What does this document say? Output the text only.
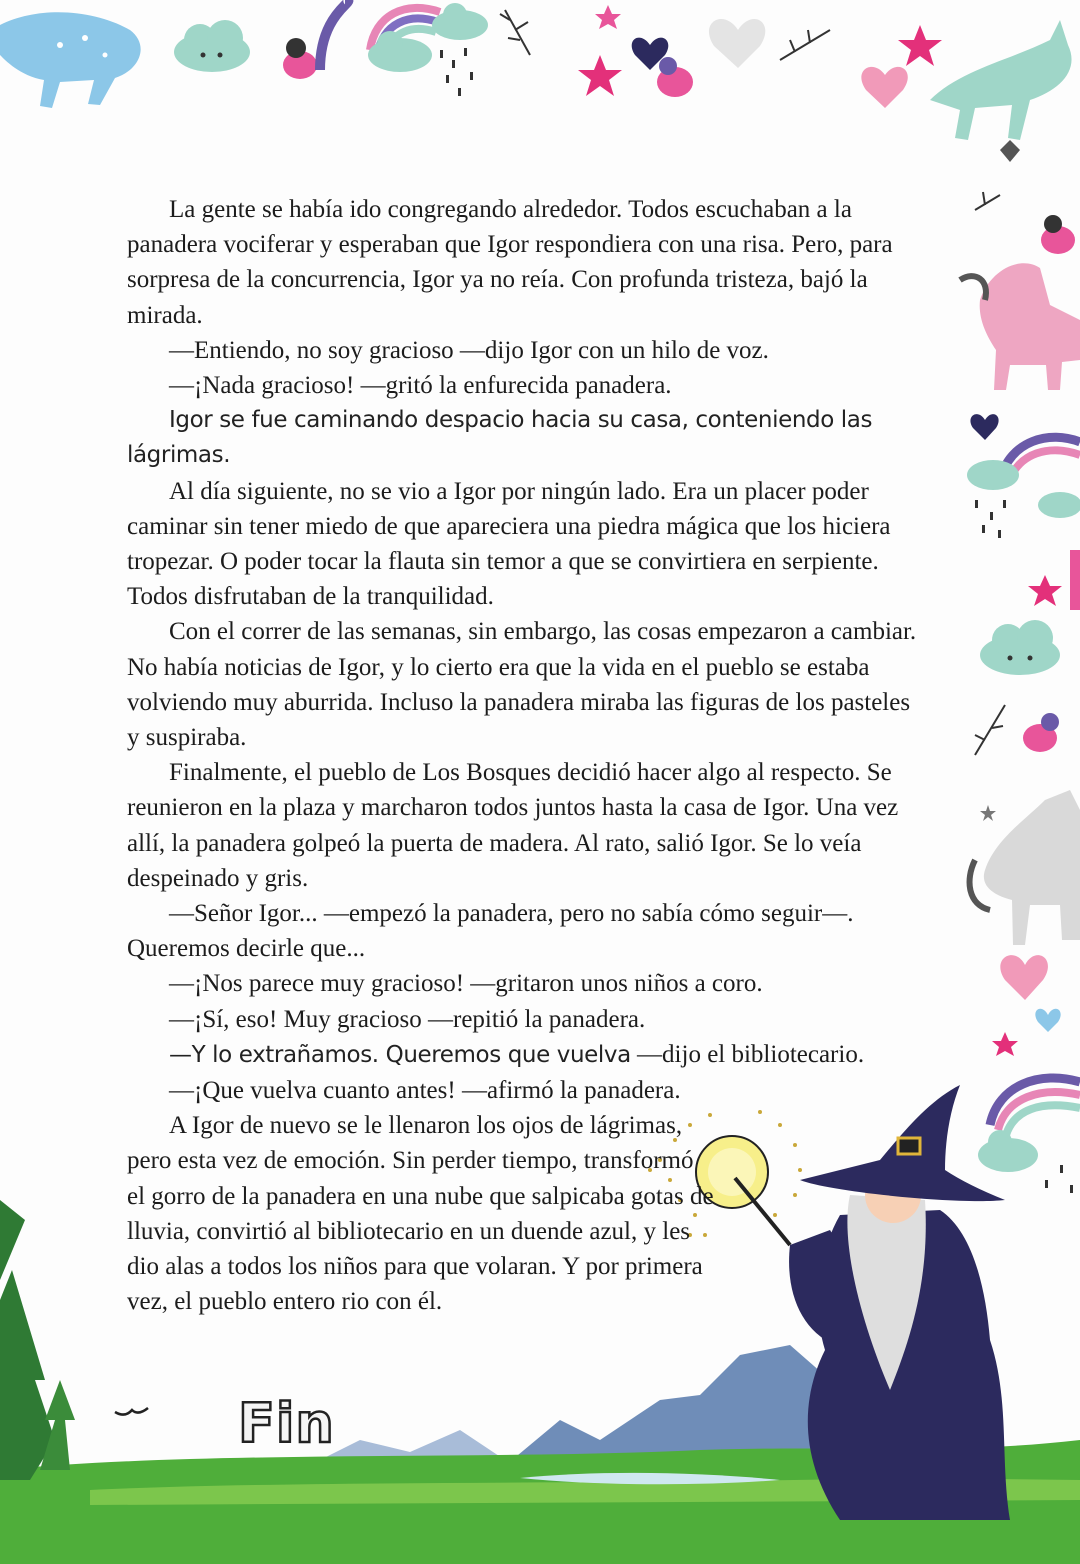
La gente se había ido congregando alrededor. Todos escuchaban a la panadera vociferar y esperaban que Igor respondiera con una risa. Pero, para sorpresa de la concurrencia, Igor ya no reía. Con profunda tristeza, bajó la mirada.

—Entiendo, no soy gracioso —dijo Igor con un hilo de voz.

—¡Nada gracioso! —gritó la enfurecida panadera.

Igor se fue caminando despacio hacia su casa, conteniendo las lágrimas.

Al día siguiente, no se vio a Igor por ningún lado. Era un placer poder caminar sin tener miedo de que apareciera una piedra mágica que los hiciera tropezar. O poder tocar la flauta sin temor a que se convirtiera en serpiente. Todos disfrutaban de la tranquilidad.

Con el correr de las semanas, sin embargo, las cosas empezaron a cambiar. No había noticias de Igor, y lo cierto era que la vida en el pueblo se estaba volviendo muy aburrida. Incluso la panadera miraba las figuras de los pasteles y suspiraba.

Finalmente, el pueblo de Los Bosques decidió hacer algo al respecto. Se reunieron en la plaza y marcharon todos juntos hasta la casa de Igor. Una vez allí, la panadera golpeó la puerta de madera. Al rato, salió Igor. Se lo veía despeinado y gris.

—Señor Igor... —empezó la panadera, pero no sabía cómo seguir—. Queremos decirle que...

—¡Nos parece muy gracioso! —gritaron unos niños a coro.

—¡Sí, eso! Muy gracioso —repitió la panadera.

—Y lo extrañamos. Queremos que vuelva —dijo el bibliotecario.

—¡Que vuelva cuanto antes! —afirmó la panadera.

A Igor de nuevo se le llenaron los ojos de lágrimas, pero esta vez de emoción. Sin perder tiempo, transformó el gorro de la panadera en una nube que salpicaba gotas de lluvia, convirtió al bibliotecario en un duende azul, y les dio alas a todos los niños para que volaran. Y por primera vez, el pueblo entero rio con él.

Fin
